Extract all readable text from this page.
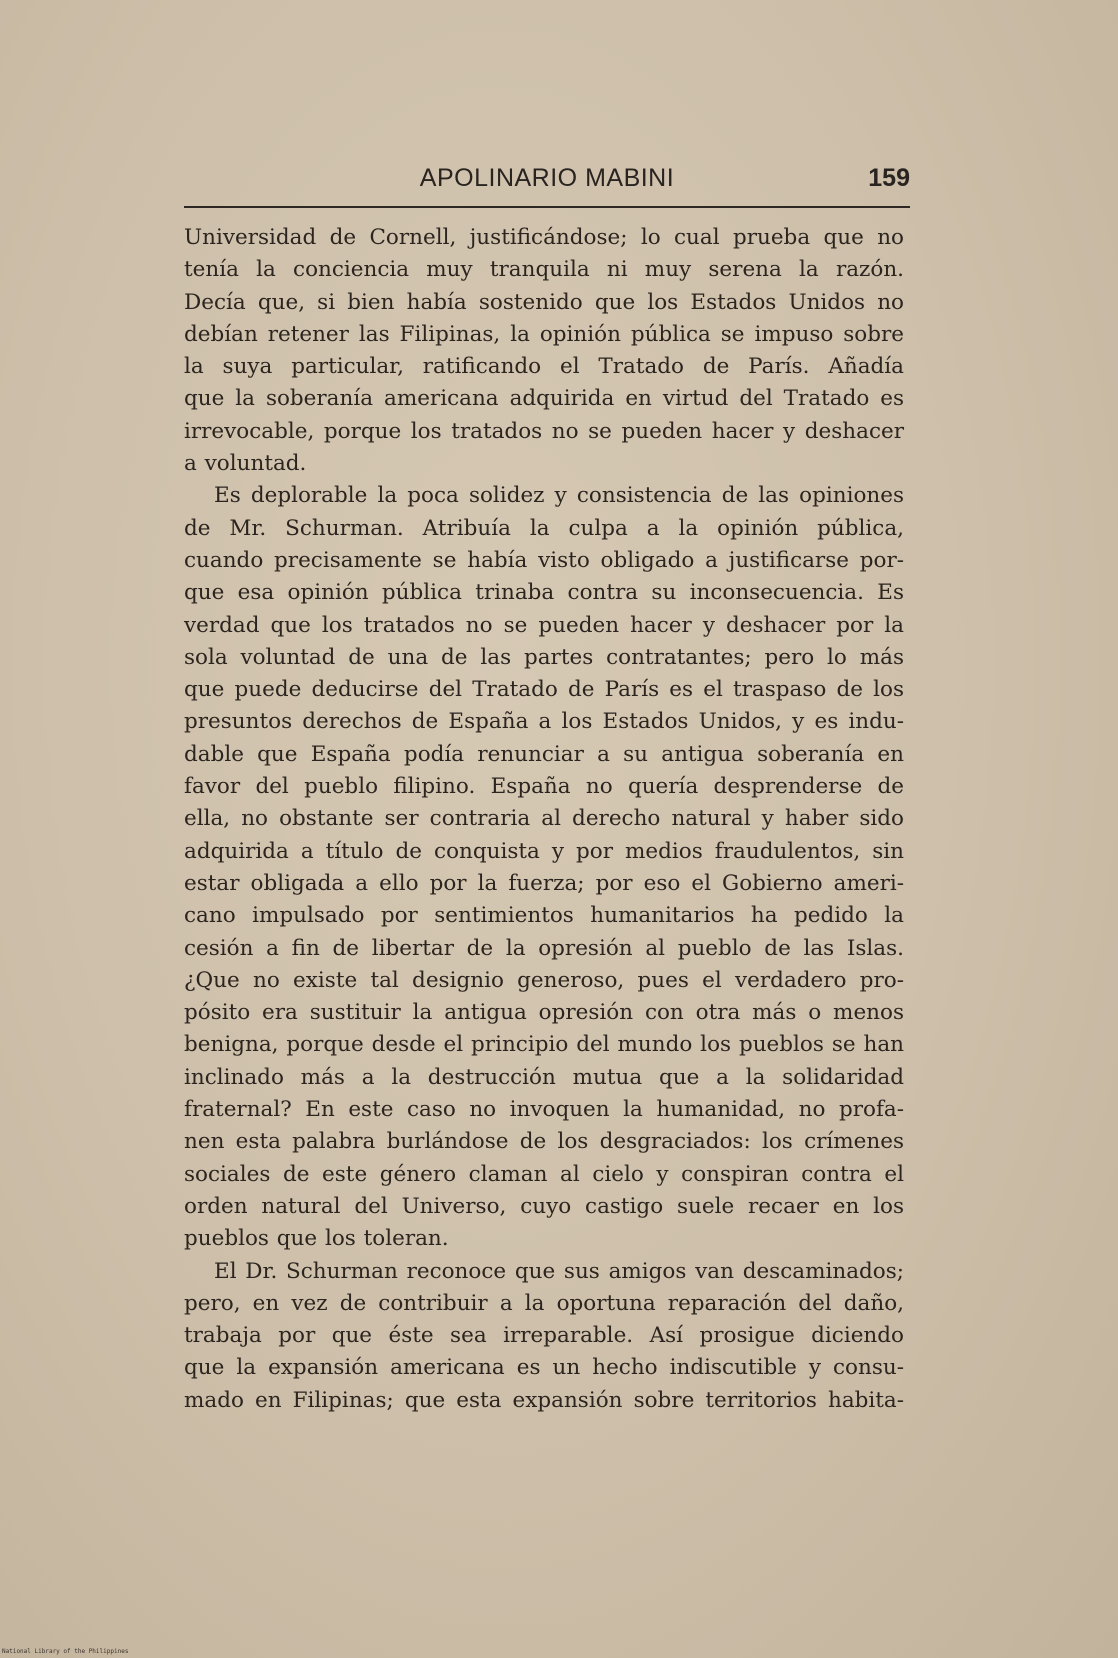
APOLINARIO MABINI	159
Universidad de Cornell, justificándose; lo cual prueba que no
tenía la conciencia muy tranquila ni muy serena la razón.
Decía que, si bien había sostenido que los Estados Unidos no
debían retener las Filipinas, la opinión pública se impuso sobre
la suya particular, ratificando el Tratado de París. Añadía
que la soberanía americana adquirida en virtud del Tratado es
irrevocable, porque los tratados no se pueden hacer y deshacer
a voluntad.
Es deplorable la poca solidez y consistencia de las opiniones
de Mr. Schurman. Atribuía la culpa a la opinión pública,
cuando precisamente se había visto obligado a justificarse por-
que esa opinión pública trinaba contra su inconsecuencia. Es
verdad que los tratados no se pueden hacer y deshacer por la
sola voluntad de una de las partes contratantes; pero lo más
que puede deducirse del Tratado de París es el traspaso de los
presuntos derechos de España a los Estados Unidos, y es indu-
dable que España podía renunciar a su antigua soberanía en
favor del pueblo filipino. España no quería desprenderse de
ella, no obstante ser contraria al derecho natural y haber sido
adquirida a título de conquista y por medios fraudulentos, sin
estar obligada a ello por la fuerza; por eso el Gobierno ameri-
cano impulsado por sentimientos humanitarios ha pedido la
cesión a fin de libertar de la opresión al pueblo de las Islas.
¿Que no existe tal designio generoso, pues el verdadero pro-
pósito era sustituir la antigua opresión con otra más o menos
benigna, porque desde el principio del mundo los pueblos se han
inclinado más a la destrucción mutua que a la solidaridad
fraternal? En este caso no invoquen la humanidad, no profa-
nen esta palabra burlándose de los desgraciados: los crímenes
sociales de este género claman al cielo y conspiran contra el
orden natural del Universo, cuyo castigo suele recaer en los
pueblos que los toleran.
El Dr. Schurman reconoce que sus amigos van descaminados;
pero, en vez de contribuir a la oportuna reparación del daño,
trabaja por que éste sea irreparable. Así prosigue diciendo
que la expansión americana es un hecho indiscutible y consu-
mado en Filipinas; que esta expansión sobre territorios habita-
National Library of the Philippines
